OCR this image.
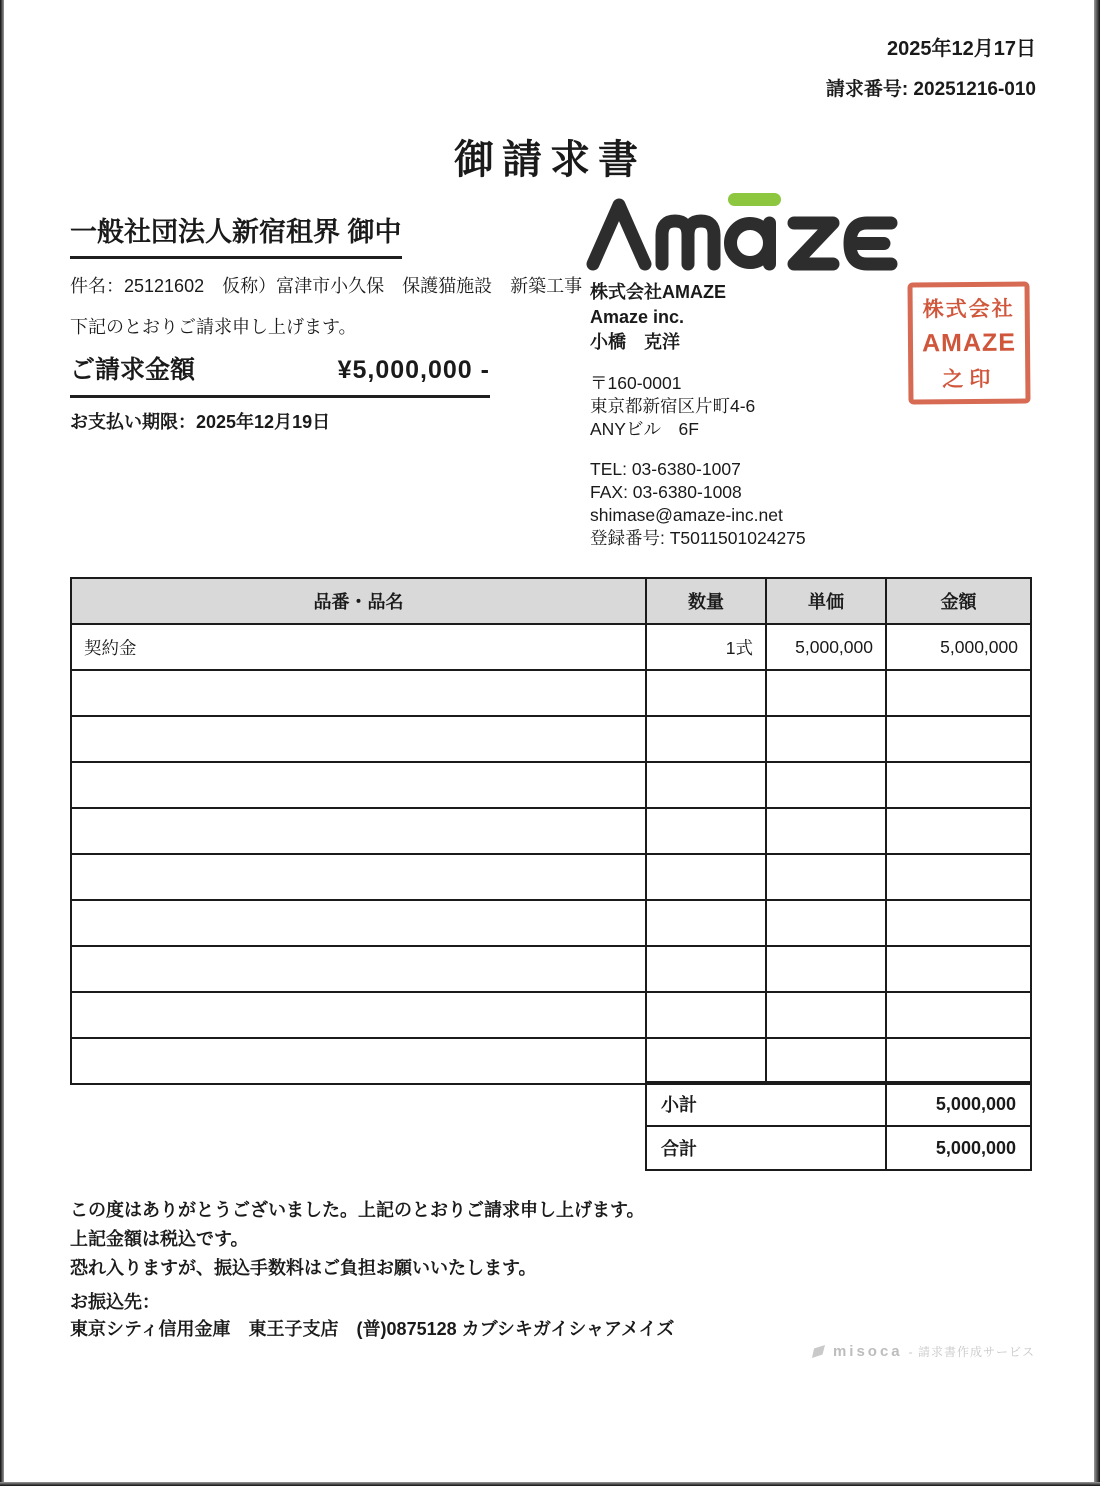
2025年12月17日
請求番号: 20251216-010
御請求書
一般社団法人新宿租界 御中
件名：25121602　仮称）富津市小久保　保護猫施設　新築工事
下記のとおりご請求申し上げます。
ご請求金額	¥5,000,000 -
お支払い期限：2025年12月19日
株式会社AMAZE
Amaze inc.
小橋　克洋
〒160-0001
東京都新宿区片町4-6
ANYビル　6F
TEL: 03-6380-1007
FAX: 03-6380-1008
shimase@amaze-inc.net
登録番号: T5011501024275
株式会社
AMAZE
之印
品番・品名	数量	単価	金額
契約金	1式	5,000,000	5,000,000

小計	5,000,000
合計	5,000,000
この度はありがとうございました。上記のとおりご請求申し上げます。
上記金額は税込です。
恐れ入りますが、振込手数料はご負担お願いいたします。
お振込先：
東京シティ信用金庫　東王子支店　(普)0875128 カブシキガイシャアメイズ
misoca - 請求書作成サービス
